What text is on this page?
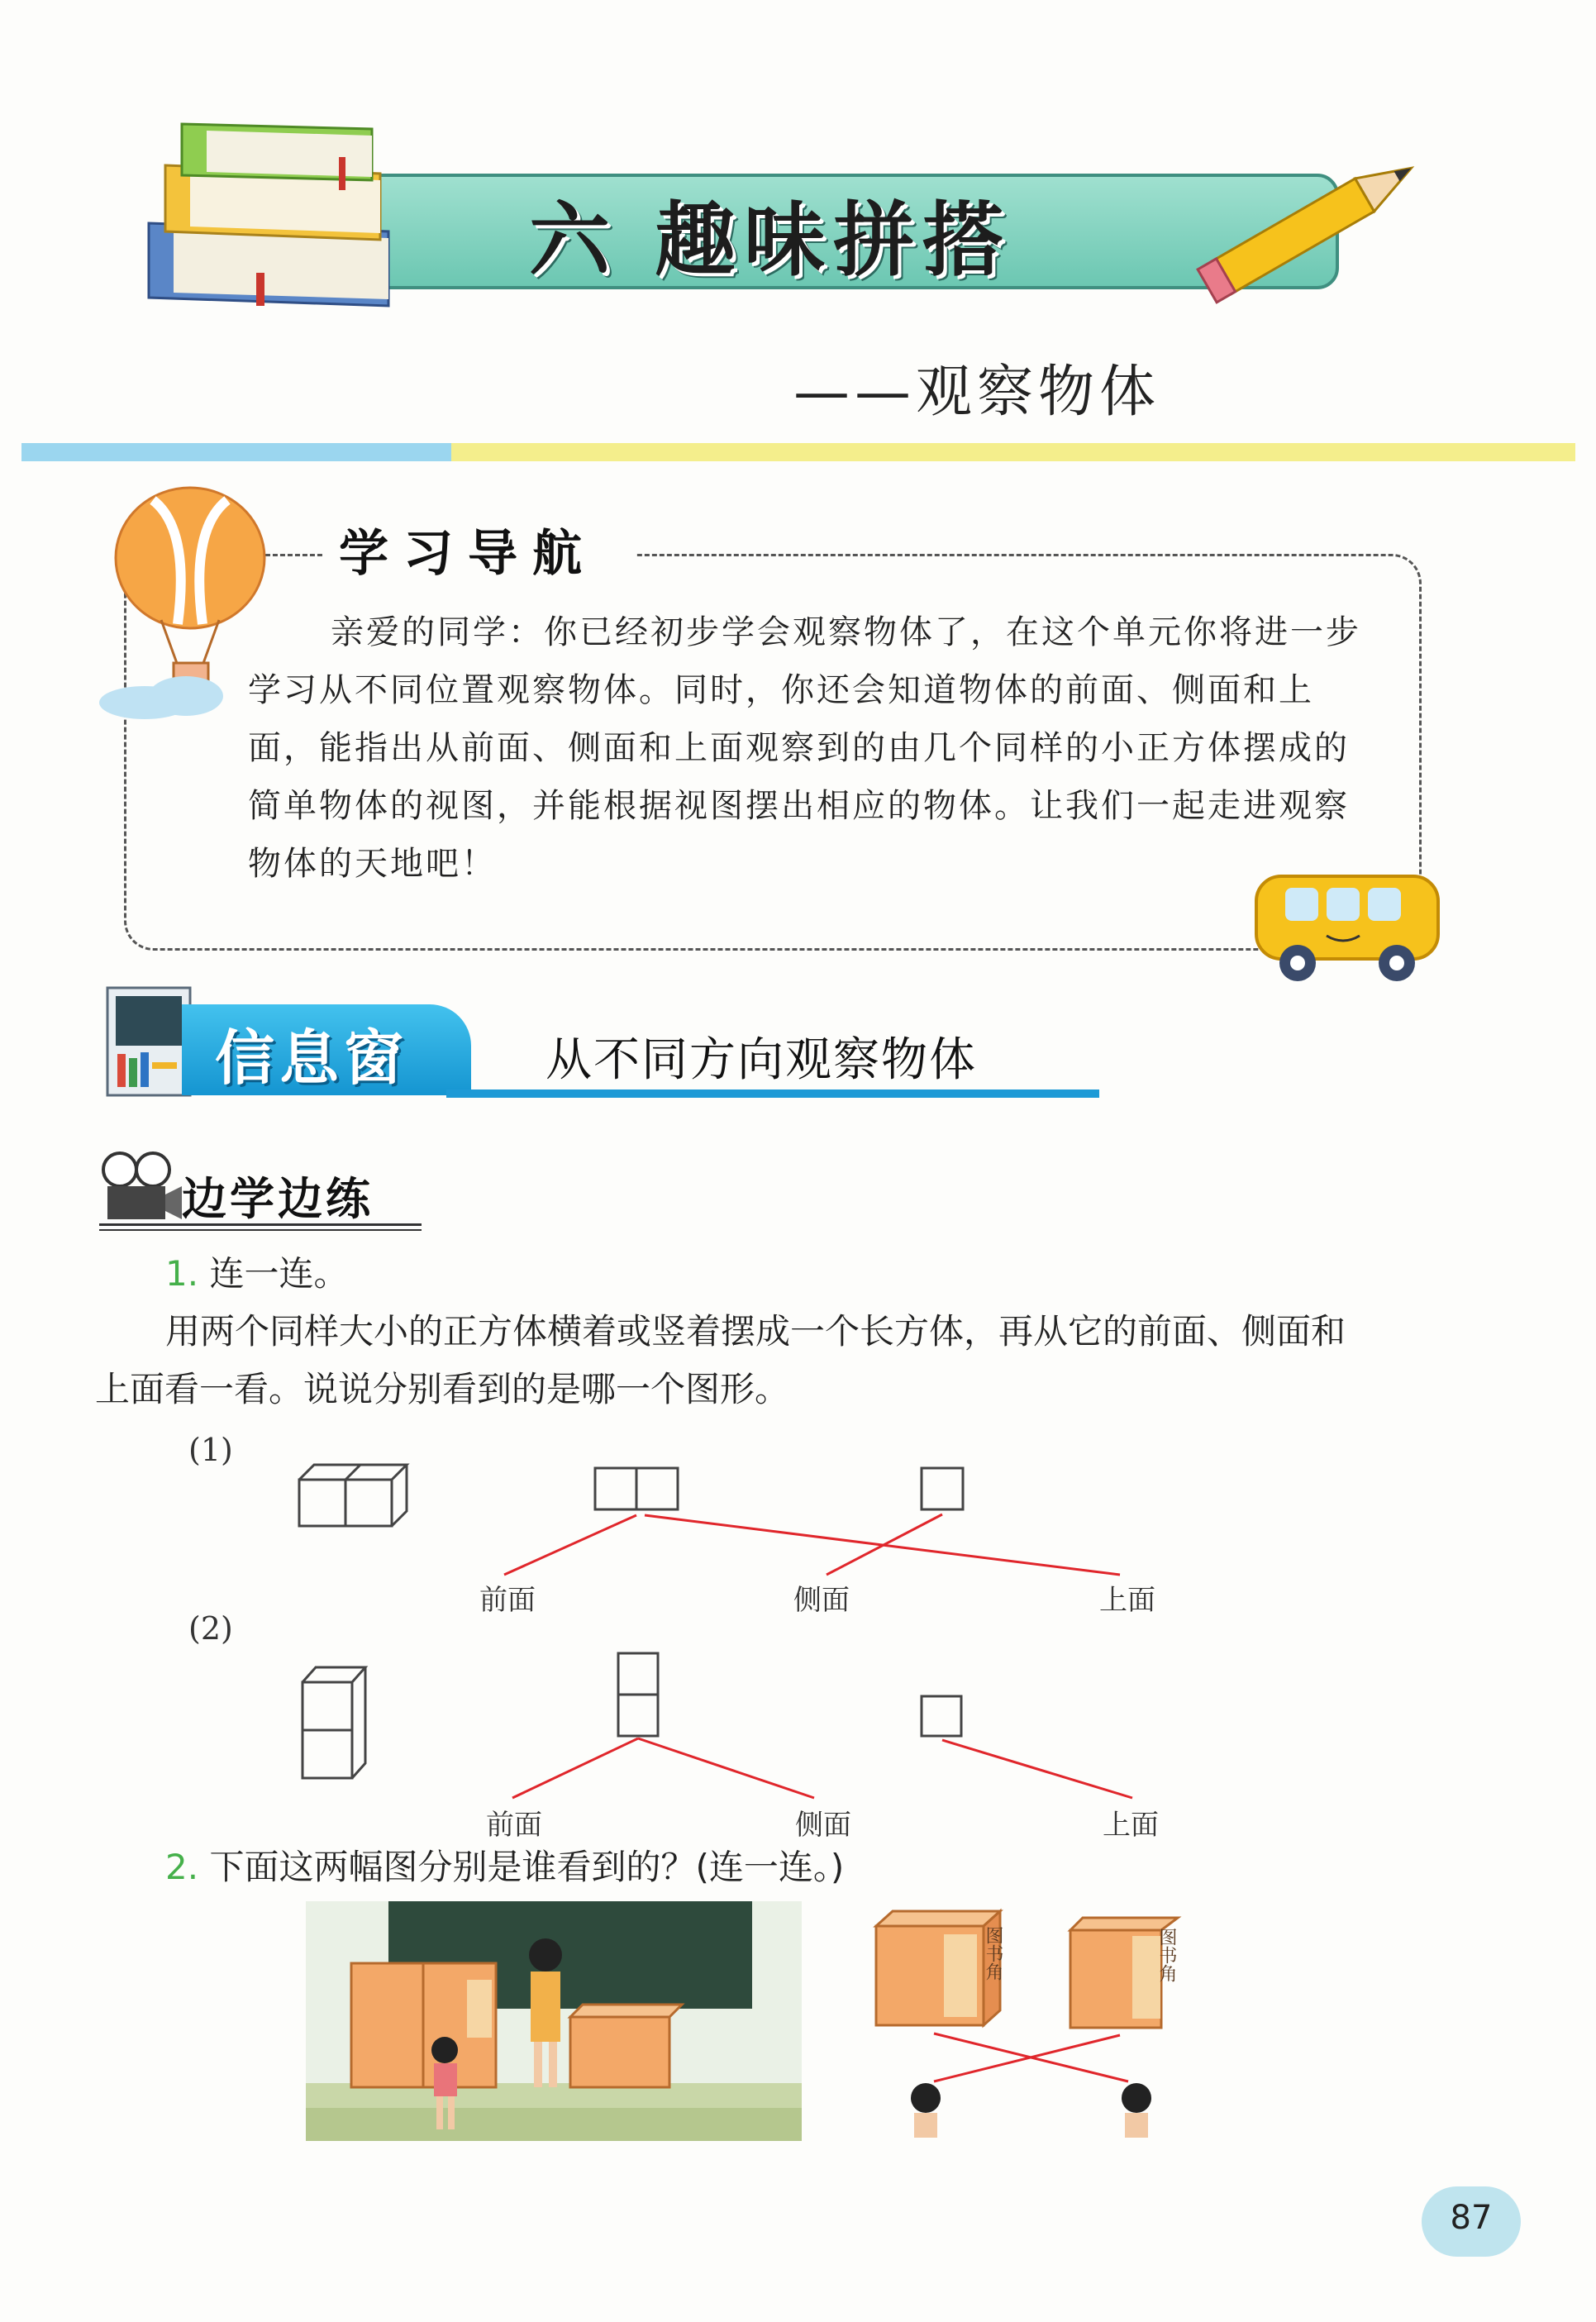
六 趣味拼搭
——观察物体
学习导航
亲爱的同学：你已经初步学会观察物体了，在这个单元你将进一步学习从不同位置观察物体。同时，你还会知道物体的前面、侧面和上面，能指出从前面、侧面和上面观察到的由几个同样的小正方体摆成的简单物体的视图，并能根据视图摆出相应的物体。让我们一起走进观察物体的天地吧！
信息窗	从不同方向观察物体
边学边练
1. 连一连。
用两个同样大小的正方体横着或竖着摆成一个长方体，再从它的前面、侧面和
上面看一看。说说分别看到的是哪一个图形。
(1)
(2)
前面	侧面	上面
前面	侧面	上面
2. 下面这两幅图分别是谁看到的？(连一连。)
图书角	图书角
87
